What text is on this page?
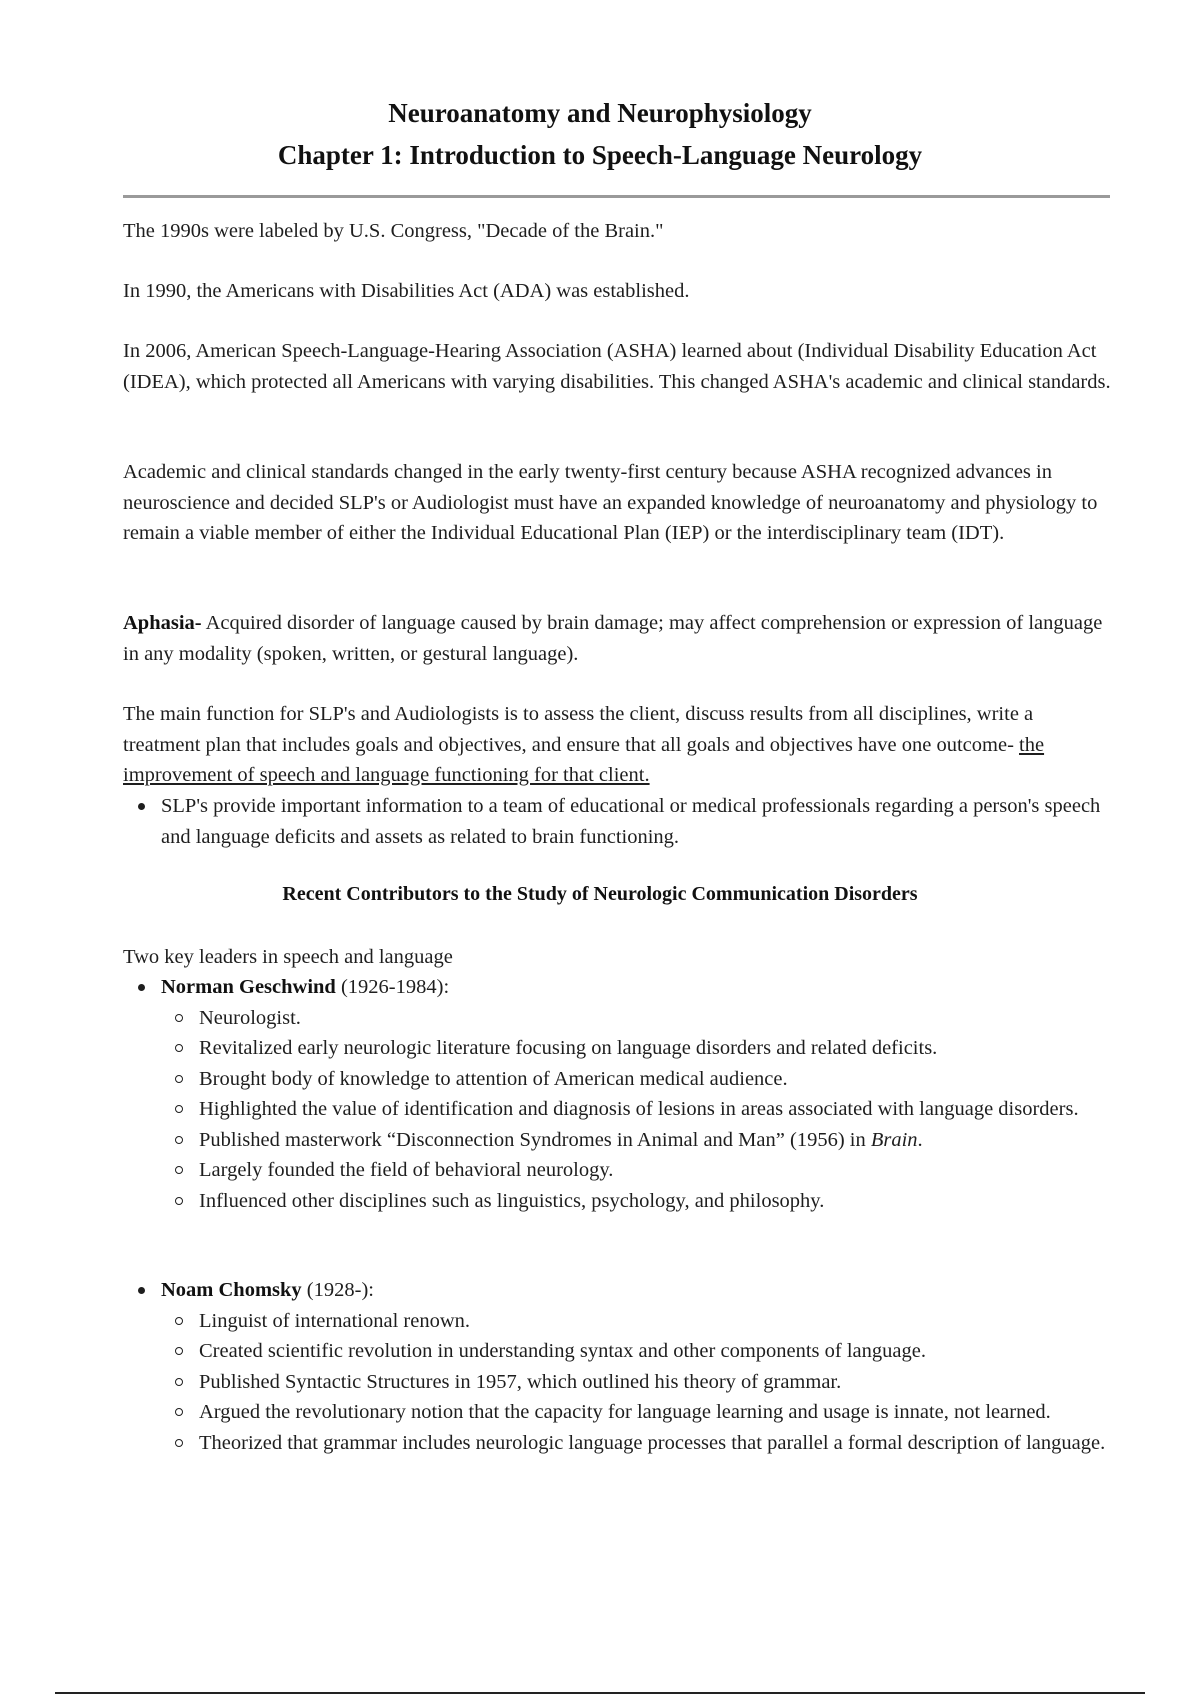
Neuroanatomy and Neurophysiology
Chapter 1: Introduction to Speech-Language Neurology
The 1990s were labeled by U.S. Congress, "Decade of the Brain."
In 1990, the Americans with Disabilities Act (ADA) was established.
In 2006, American Speech-Language-Hearing Association (ASHA) learned about (Individual Disability Education Act (IDEA), which protected all Americans with varying disabilities. This changed ASHA's academic and clinical standards.
Academic and clinical standards changed in the early twenty-first century because ASHA recognized advances in neuroscience and decided SLP's or Audiologist must have an expanded knowledge of neuroanatomy and physiology to remain a viable member of either the Individual Educational Plan (IEP) or the interdisciplinary team (IDT).
Aphasia- Acquired disorder of language caused by brain damage; may affect comprehension or expression of language in any modality (spoken, written, or gestural language).
The main function for SLP's and Audiologists is to assess the client, discuss results from all disciplines, write a treatment plan that includes goals and objectives, and ensure that all goals and objectives have one outcome- the improvement of speech and language functioning for that client.
SLP's provide important information to a team of educational or medical professionals regarding a person's speech and language deficits and assets as related to brain functioning.
Recent Contributors to the Study of Neurologic Communication Disorders
Two key leaders in speech and language
Norman Geschwind (1926-1984):
Neurologist.
Revitalized early neurologic literature focusing on language disorders and related deficits.
Brought body of knowledge to attention of American medical audience.
Highlighted the value of identification and diagnosis of lesions in areas associated with language disorders.
Published masterwork “Disconnection Syndromes in Animal and Man” (1956) in Brain.
Largely founded the field of behavioral neurology.
Influenced other disciplines such as linguistics, psychology, and philosophy.
Noam Chomsky (1928-):
Linguist of international renown.
Created scientific revolution in understanding syntax and other components of language.
Published Syntactic Structures in 1957, which outlined his theory of grammar.
Argued the revolutionary notion that the capacity for language learning and usage is innate, not learned.
Theorized that grammar includes neurologic language processes that parallel a formal description of language.
